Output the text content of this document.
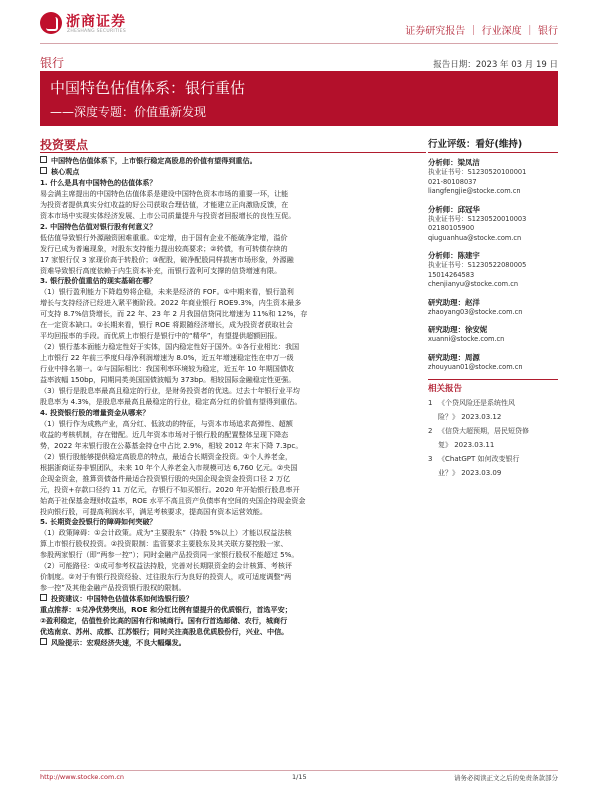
浙商证券
ZHESHANG SECURITIES	证券研究报告 ｜ 行业深度 ｜ 银行
银行	报告日期：2023 年 03 月 19 日
中国特色估值体系：银行重估
——深度专题：价值重新发现
投资要点
中国特色估值体系下，上市银行稳定高股息的价值有望得到重估。
核心观点
1. 什么是具有中国特色的估值体系？
易会满主席提出的中国特色估值体系是建设中国特色资本市场的重要一环，让能
为投资者提供真实分红收益的好公司获取合理估值，才能建立正向激励反馈，在
资本市场中实现实体经济发展、上市公司质量提升与投资者回报增长的良性互促。
2. 中国特色估值对银行股有何意义？
低估值导致银行外源融资困难重重。①定增，由于国有企业不能破净定增，溢价
发行已成为普遍现象，对股东支持能力提出较高要求；②转债，有可转债存续的
17 家银行仅 3 家现价高于转股价；③配股，破净配股同样损害市场形象，外源融
资难导致银行高度依赖于内生资本补充，而银行盈利可支撑的信贷增速有限。
3. 银行股价值重估的现实基础在哪？
（1）银行盈利能力下降趋势将企稳，未来是经济的 FOF。①中期来看，银行盈利
增长与支持经济已经进入紧平衡阶段。2022 年商业银行 ROE9.3%，内生资本最多
可支持 8.7%信贷增长，而 22 年、23 年 2 月我国信贷同比增速为 11%和 12%，存
在一定资本缺口。②长期来看，银行 ROE 将跟随经济增长，成为投资者获取社会
平均回报率的手段。而优质上市银行是银行中的“精华”，有望提供超额回报。
（2）银行基本面能力稳定性好于实体，国内稳定性好于国外。①各行业相比：我国
上市银行 22 年前三季度归母净利润增速为 8.0%，近五年增速稳定性在申万一级
行业中排名第一。②与国际相比：我国利率环境较为稳定，近五年 10 年期国债收
益率波幅 150bp，同期同类美国国债波幅为 373bp。相较国际金融稳定性更强。
（3）银行是股息率最高且稳定的行业，是财务投资者的优选。过去十年银行业平均
股息率为 4.3%，是股息率最高且最稳定的行业，稳定高分红的价值有望得到重估。
4. 投资银行股的增量资金从哪来？
（1）银行作为成熟产业，高分红、低波动的特征，与资本市场追求高弹性、超额
收益的考核机制，存在错配。近几年资本市场对于银行股的配置整体呈现下降态
势，2022 年末银行股在公募基金持仓中占比 2.9%，相较 2012 年末下降 7.3pc。
（2）银行股能够提供稳定高股息的特点，最适合长期资金投资。①个人养老金，
根据浙商证券非银团队，未来 10 年个人养老金入市规模可达 6,760 亿元。②央国
企现金资金，推算资债备件最适合投资银行股的央国企现金资金投资口径 2 万亿
元，投资+存款口径约 11 万亿元，存银行不如买银行。2020 年开始银行股息率开
始高于社保基金理财收益率，ROE 水平不高且资产负债率有空间的央国企持现金资金
投向银行股，可提高利润水平，满足考核要求，提高国有资本运营效能。
5. 长期资金投银行的障碍如何突破？
（1）政策障碍：①会计政策。成为“主要股东”（持股 5%以上）才能以权益法核
算上市银行股权投资。②投资限制：监管要求主要股东及其关联方要控股一家、
参股两家银行（即“两参一控”）；同时金融产品投资同一家银行股权不能超过 5%。
（2）可能路径：①成可参考权益法持股，完善对长期限资金的会计核算、考核评
价制度。②对于有银行投资经验、过往股东行为良好的投资人，或可适度调整“两
参一控”及其他金融产品投资银行股权的限制。
投资建议：中国特色估值体系如何选银行股？
重点推荐：①兑净优势突出，ROE 和分红比例有望提升的优质银行，首选平安；
②盈利稳定，估值性价比高的国有行和城商行。国有行首选邮储、农行，城商行
优选南京、苏州、成都、江苏银行；同时关注高股息优质股份行，兴业、中信。
风险提示：宏观经济失速，不良大幅爆发。
行业评级：看好(维持)
分析师：梁凤洁
执业证书号：S1230520100001
021-80108037
liangfengjie@stocke.com.cn
分析师：邱冠华
执业证书号：S1230520010003
02180105900
qiuguanhua@stocke.com.cn
分析师：陈建宇
执业证书号：S1230522080005
15014264583
chenjianyu@stocke.com.cn
研究助理：赵洋
zhaoyang03@stocke.com.cn
研究助理：徐安妮
xuanni@stocke.com.cn
研究助理：周源
zhouyuan01@stocke.com.cn
相关报告
1 《个贷风险还是系统性风
险？》 2023.03.12
2 《信贷大超预期，居民短贷修
复》 2023.03.11
3 《ChatGPT 如何改变银行
业？》 2023.03.09
http://www.stocke.com.cn	1/15	请务必阅读正文之后的免责条款部分
